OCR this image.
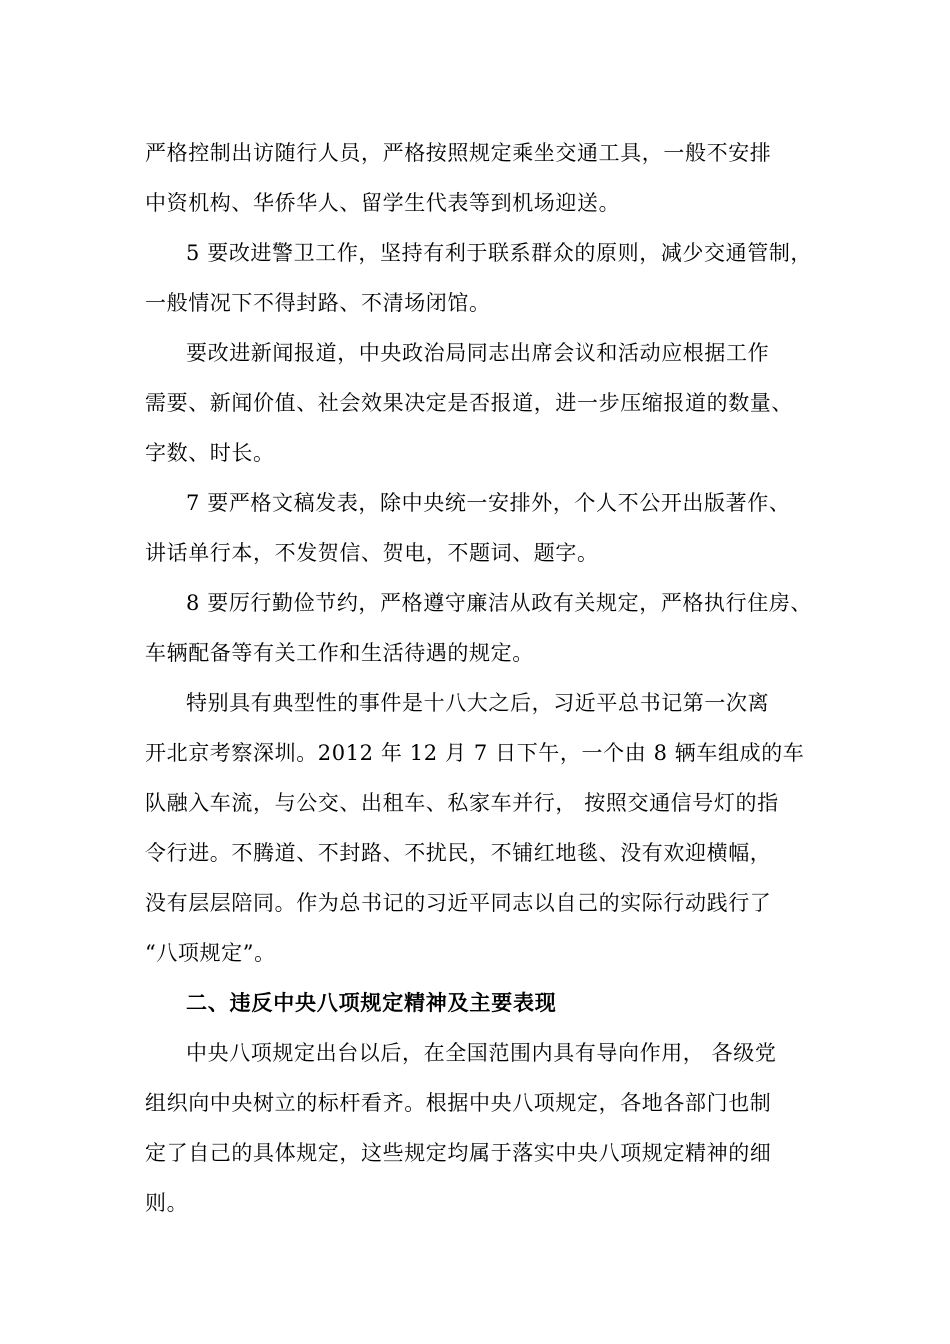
严格控制出访随行人员，严格按照规定乘坐交通工具，一般不安排
中资机构、华侨华人、留学生代表等到机场迎送。
5 要改进警卫工作，坚持有利于联系群众的原则，减少交通管制，
一般情况下不得封路、不清场闭馆。
要改进新闻报道，中央政治局同志出席会议和活动应根据工作
需要、新闻价值、社会效果决定是否报道，进一步压缩报道的数量、
字数、时长。
7 要严格文稿发表，除中央统一安排外，个人不公开出版著作、
讲话单行本，不发贺信、贺电，不题词、题字。
8 要厉行勤俭节约，严格遵守廉洁从政有关规定，严格执行住房、
车辆配备等有关工作和生活待遇的规定。
特别具有典型性的事件是十八大之后，习近平总书记第一次离
开北京考察深圳。2012 年 12 月 7 日下午，一个由 8 辆车组成的车
队融入车流，与公交、出租车、私家车并行， 按照交通信号灯的指
令行进。不腾道、不封路、不扰民，不铺红地毯、没有欢迎横幅，
没有层层陪同。作为总书记的习近平同志以自己的实际行动践行了
“八项规定”。
二、违反中央八项规定精神及主要表现
中央八项规定出台以后，在全国范围内具有导向作用， 各级党
组织向中央树立的标杆看齐。根据中央八项规定，各地各部门也制
定了自己的具体规定，这些规定均属于落实中央八项规定精神的细
则。
